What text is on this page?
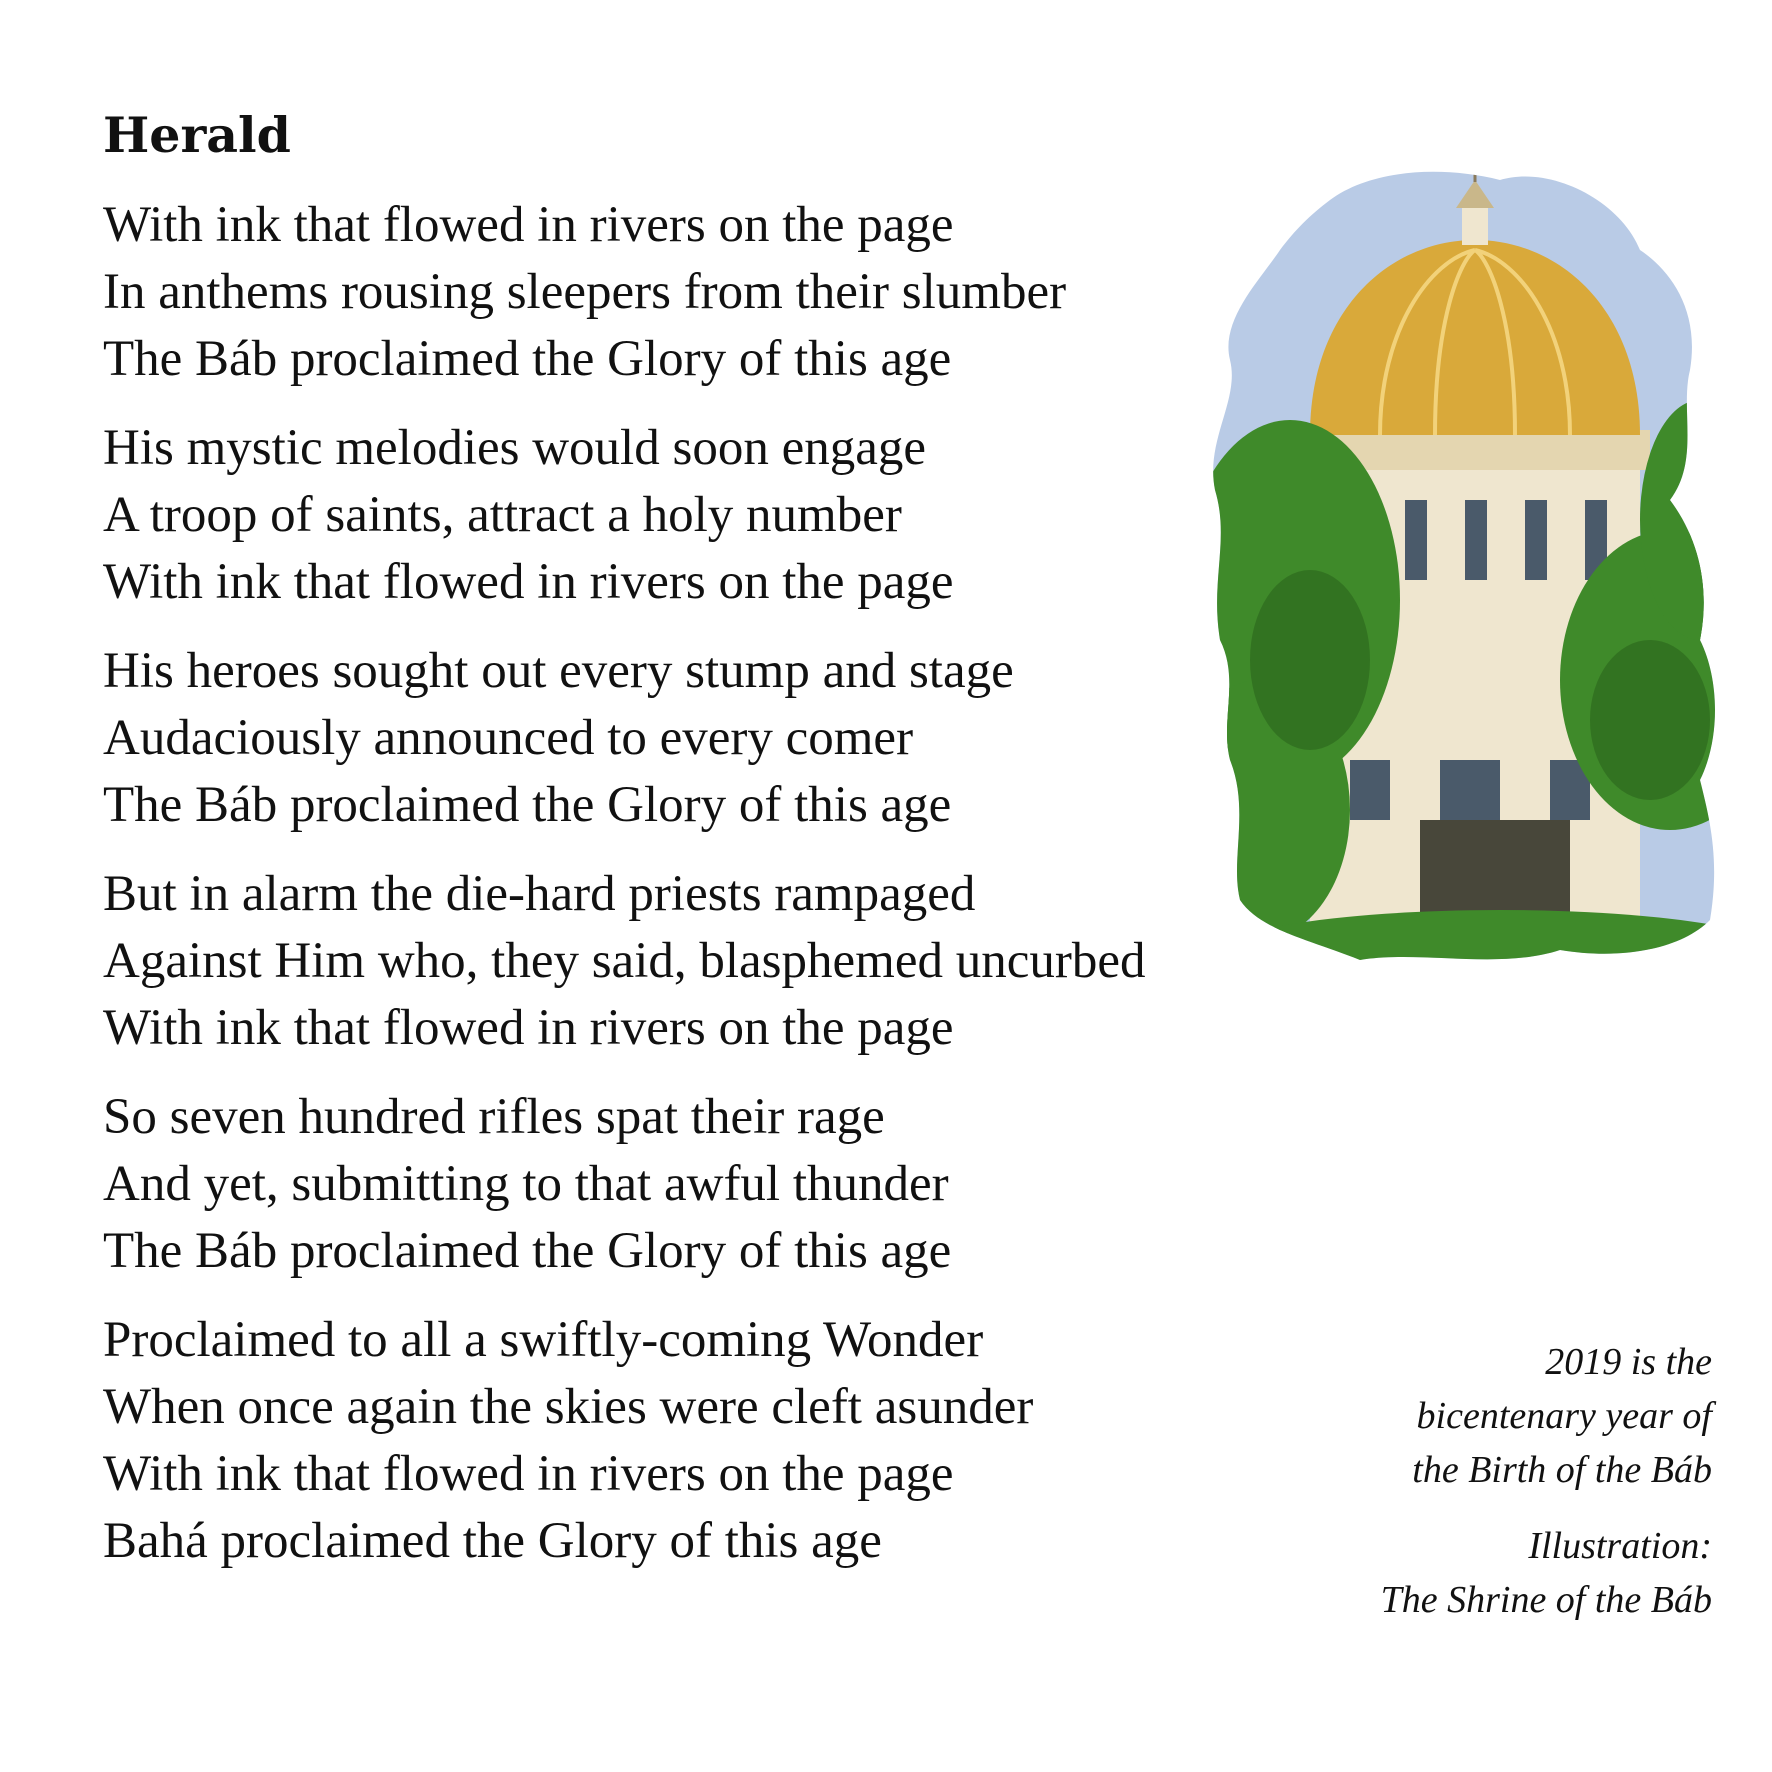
Herald
With ink that flowed in rivers on the page
In anthems rousing sleepers from their slumber
The Báb proclaimed the Glory of this age
His mystic melodies would soon engage
A troop of saints, attract a holy number
With ink that flowed in rivers on the page
His heroes sought out every stump and stage
Audaciously announced to every comer
The Báb proclaimed the Glory of this age
But in alarm the die-hard priests rampaged
Against Him who, they said, blasphemed uncurbed
With ink that flowed in rivers on the page
So seven hundred rifles spat their rage
And yet, submitting to that awful thunder
The Báb proclaimed the Glory of this age
Proclaimed to all a swiftly-coming Wonder
When once again the skies were cleft asunder
With ink that flowed in rivers on the page
Bahá proclaimed the Glory of this age
2019 is the
bicentenary year of
the Birth of the Báb
Illustration:
The Shrine of the Báb
